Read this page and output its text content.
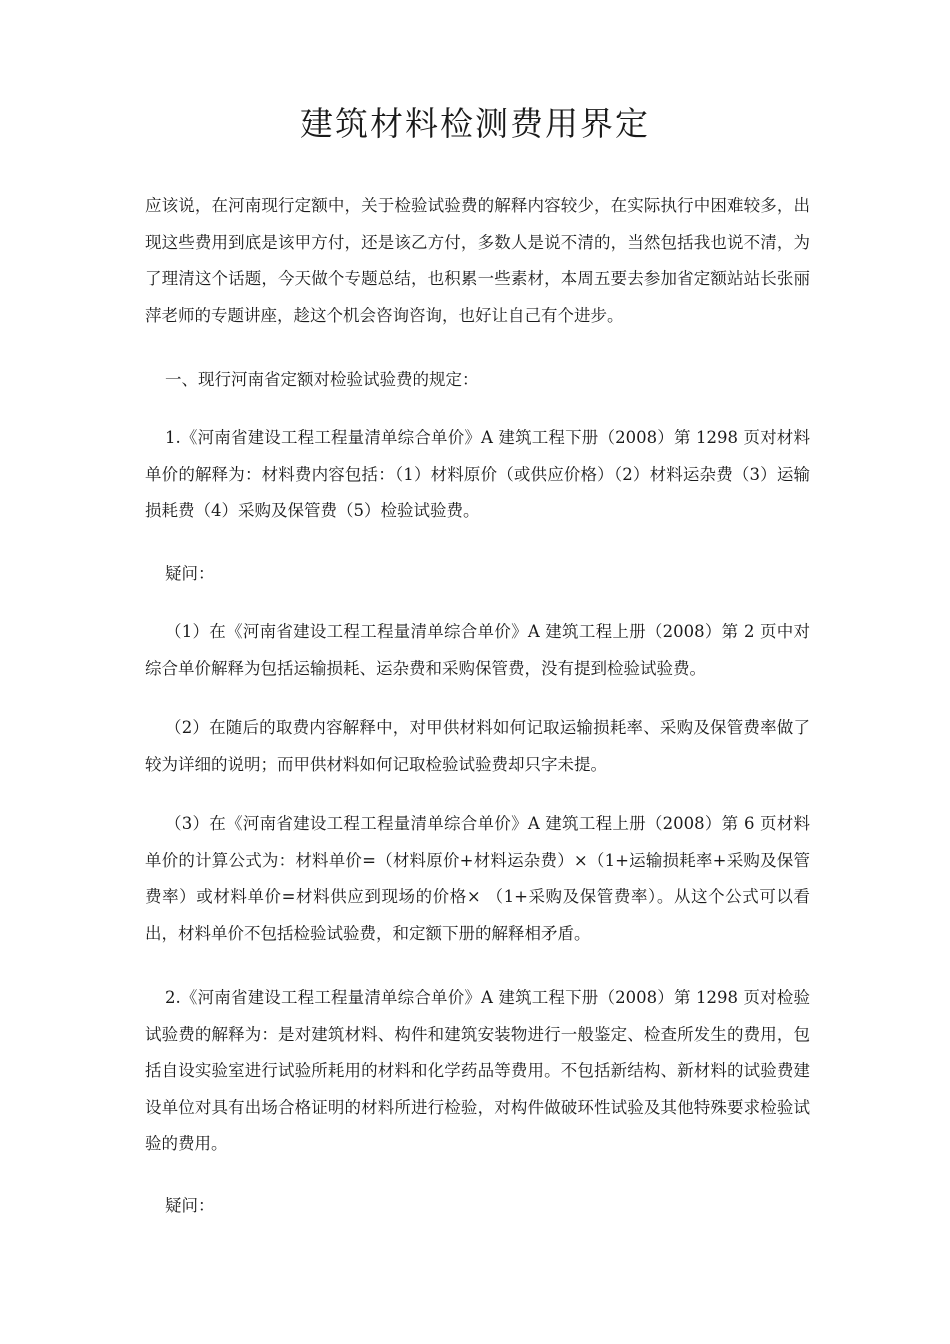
建筑材料检测费用界定

应该说，在河南现行定额中，关于检验试验费的解释内容较少，在实际执行中困难较多，出现这些费用到底是该甲方付，还是该乙方付，多数人是说不清的，当然包括我也说不清，为了理清这个话题，今天做个专题总结，也积累一些素材，本周五要去参加省定额站站长张丽萍老师的专题讲座，趁这个机会咨询咨询，也好让自己有个进步。

一、现行河南省定额对检验试验费的规定：

1.《河南省建设工程工程量清单综合单价》A 建筑工程下册（2008）第 1298 页对材料单价的解释为：材料费内容包括：（1）材料原价（或供应价格）（2）材料运杂费（3）运输损耗费（4）采购及保管费（5）检验试验费。

疑问：

（1）在《河南省建设工程工程量清单综合单价》A 建筑工程上册（2008）第 2 页中对综合单价解释为包括运输损耗、运杂费和采购保管费，没有提到检验试验费。

（2）在随后的取费内容解释中，对甲供材料如何记取运输损耗率、采购及保管费率做了较为详细的说明；而甲供材料如何记取检验试验费却只字未提。

（3）在《河南省建设工程工程量清单综合单价》A 建筑工程上册（2008）第 6 页材料单价的计算公式为：材料单价=（材料原价+材料运杂费）×（1+运输损耗率+采购及保管费率）或材料单价=材料供应到现场的价格× （1+采购及保管费率）。从这个公式可以看出，材料单价不包括检验试验费，和定额下册的解释相矛盾。

2.《河南省建设工程工程量清单综合单价》A 建筑工程下册（2008）第 1298 页对检验试验费的解释为：是对建筑材料、构件和建筑安装物进行一般鉴定、检查所发生的费用，包括自设实验室进行试验所耗用的材料和化学药品等费用。不包括新结构、新材料的试验费建设单位对具有出场合格证明的材料所进行检验，对构件做破环性试验及其他特殊要求检验试验的费用。

疑问：
